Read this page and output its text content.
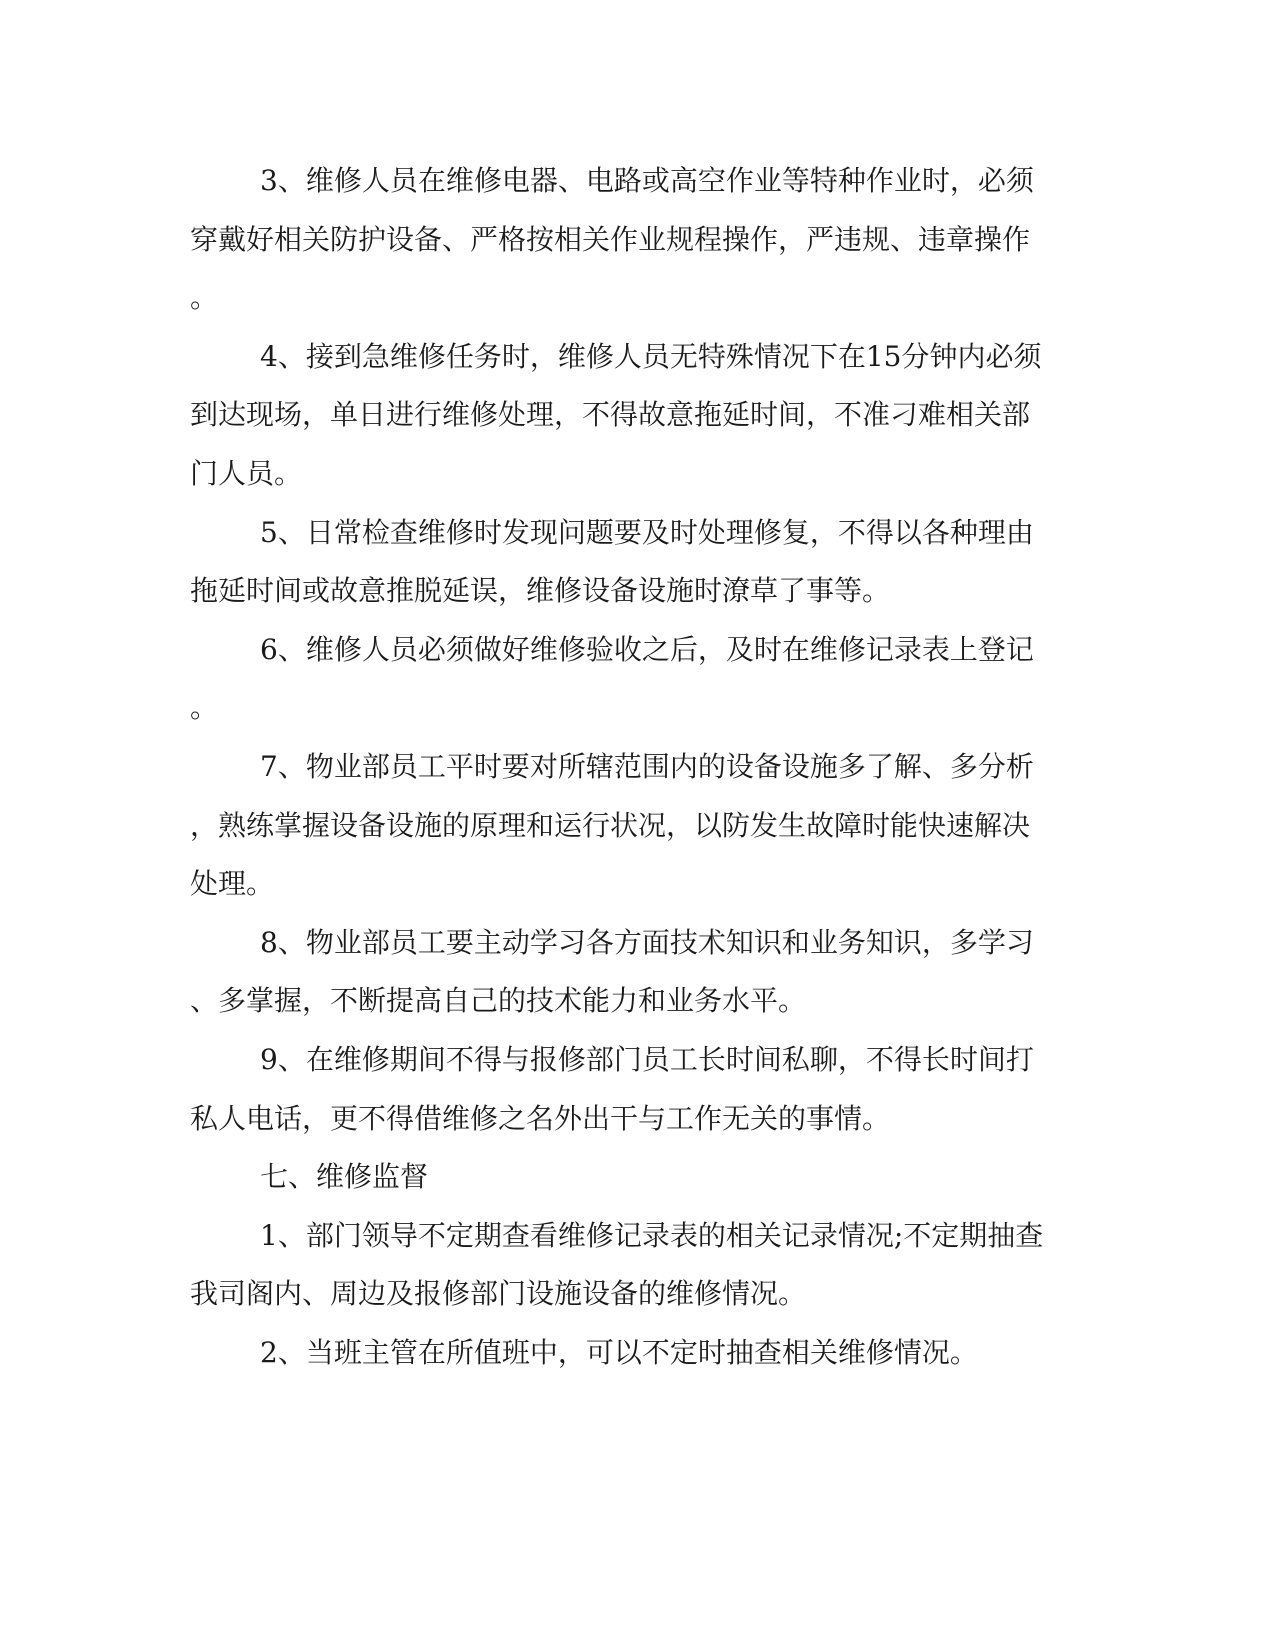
3、维修人员在维修电器、电路或高空作业等特种作业时，必须

穿戴好相关防护设备、严格按相关作业规程操作，严违规、违章操作

。

4、接到急维修任务时，维修人员无特殊情况下在15分钟内必须

到达现场，单日进行维修处理，不得故意拖延时间，不准刁难相关部

门人员。

5、日常检查维修时发现问题要及时处理修复，不得以各种理由

拖延时间或故意推脱延误，维修设备设施时潦草了事等。

6、维修人员必须做好维修验收之后，及时在维修记录表上登记

。

7、物业部员工平时要对所辖范围内的设备设施多了解、多分析

，熟练掌握设备设施的原理和运行状况，以防发生故障时能快速解决

处理。

8、物业部员工要主动学习各方面技术知识和业务知识，多学习

、多掌握，不断提高自己的技术能力和业务水平。

9、在维修期间不得与报修部门员工长时间私聊，不得长时间打

私人电话，更不得借维修之名外出干与工作无关的事情。

七、维修监督

1、部门领导不定期查看维修记录表的相关记录情况;不定期抽查

我司阁内、周边及报修部门设施设备的维修情况。

2、当班主管在所值班中，可以不定时抽查相关维修情况。
